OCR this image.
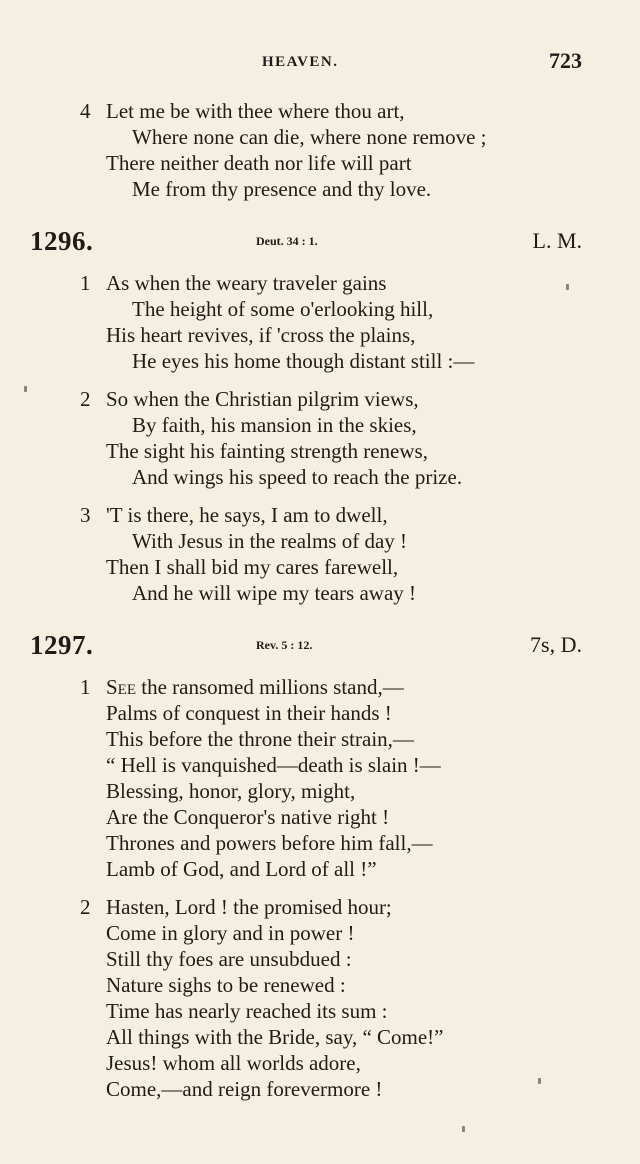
HEAVEN.	723
4 Let me be with thee where thou art,
Where none can die, where none remove ;
There neither death nor life will part
Me from thy presence and thy love.
1296.	Deut. 34 : 1.	L. M.
1 As when the weary traveler gains
The height of some o'erlooking hill,
His heart revives, if 'cross the plains,
He eyes his home though distant still :—
2 So when the Christian pilgrim views,
By faith, his mansion in the skies,
The sight his fainting strength renews,
And wings his speed to reach the prize.
3 'T is there, he says, I am to dwell,
With Jesus in the realms of day !
Then I shall bid my cares farewell,
And he will wipe my tears away !
1297.	Rev. 5 : 12.	7s, D.
1 See the ransomed millions stand,—
Palms of conquest in their hands !
This before the throne their strain,—
“ Hell is vanquished—death is slain !—
Blessing, honor, glory, might,
Are the Conqueror's native right !
Thrones and powers before him fall,—
Lamb of God, and Lord of all !”
2 Hasten, Lord ! the promised hour;
Come in glory and in power !
Still thy foes are unsubdued :
Nature sighs to be renewed :
Time has nearly reached its sum :
All things with the Bride, say, “ Come!”
Jesus! whom all worlds adore,
Come,—and reign forevermore !
